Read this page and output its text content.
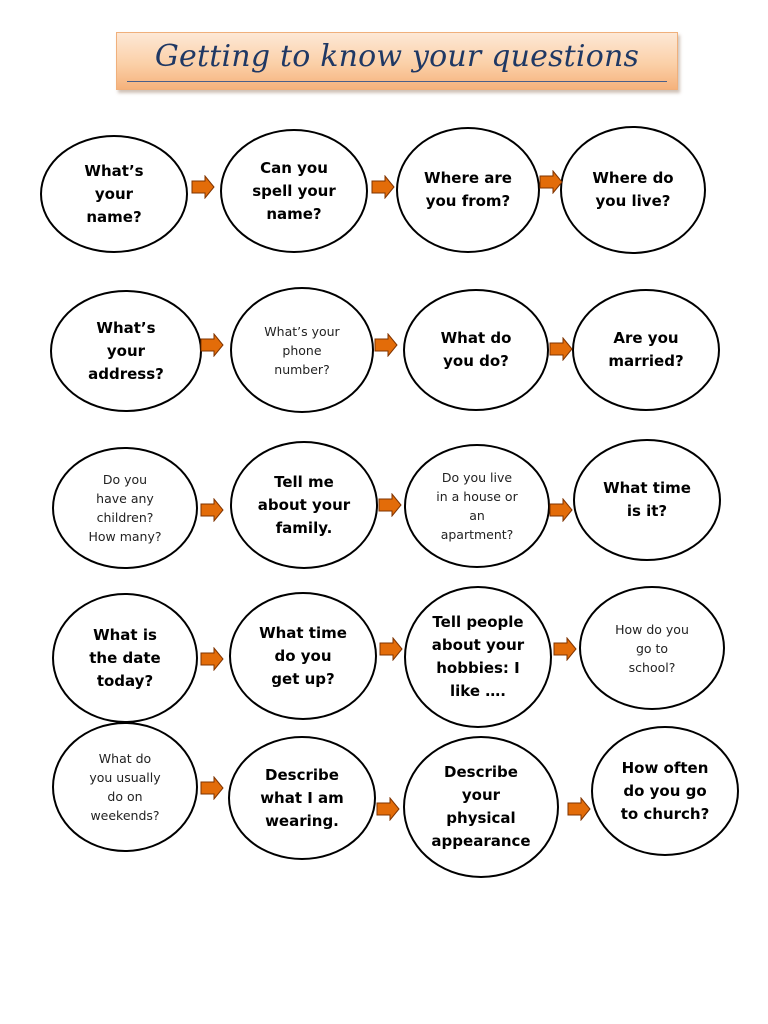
Getting to know your questions
What’s
your
name?
Can you
spell your
name?
Where are
you from?
Where do
you live?
What’s
your
address?
What’s your
phone
number?
What do
you do?
Are you
married?
Do you
have any
children?
How many?
Tell me
about your
family.
Do you live
in a house or
an
apartment?
What time
is it?
What is
the date
today?
What time
do you
get up?
Tell people
about your
hobbies: I
like ….
How do you
go to
school?
What do
you usually
do on
weekends?
Describe
what I am
wearing.
Describe
your
physical
appearance
How often
do you go
to church?
